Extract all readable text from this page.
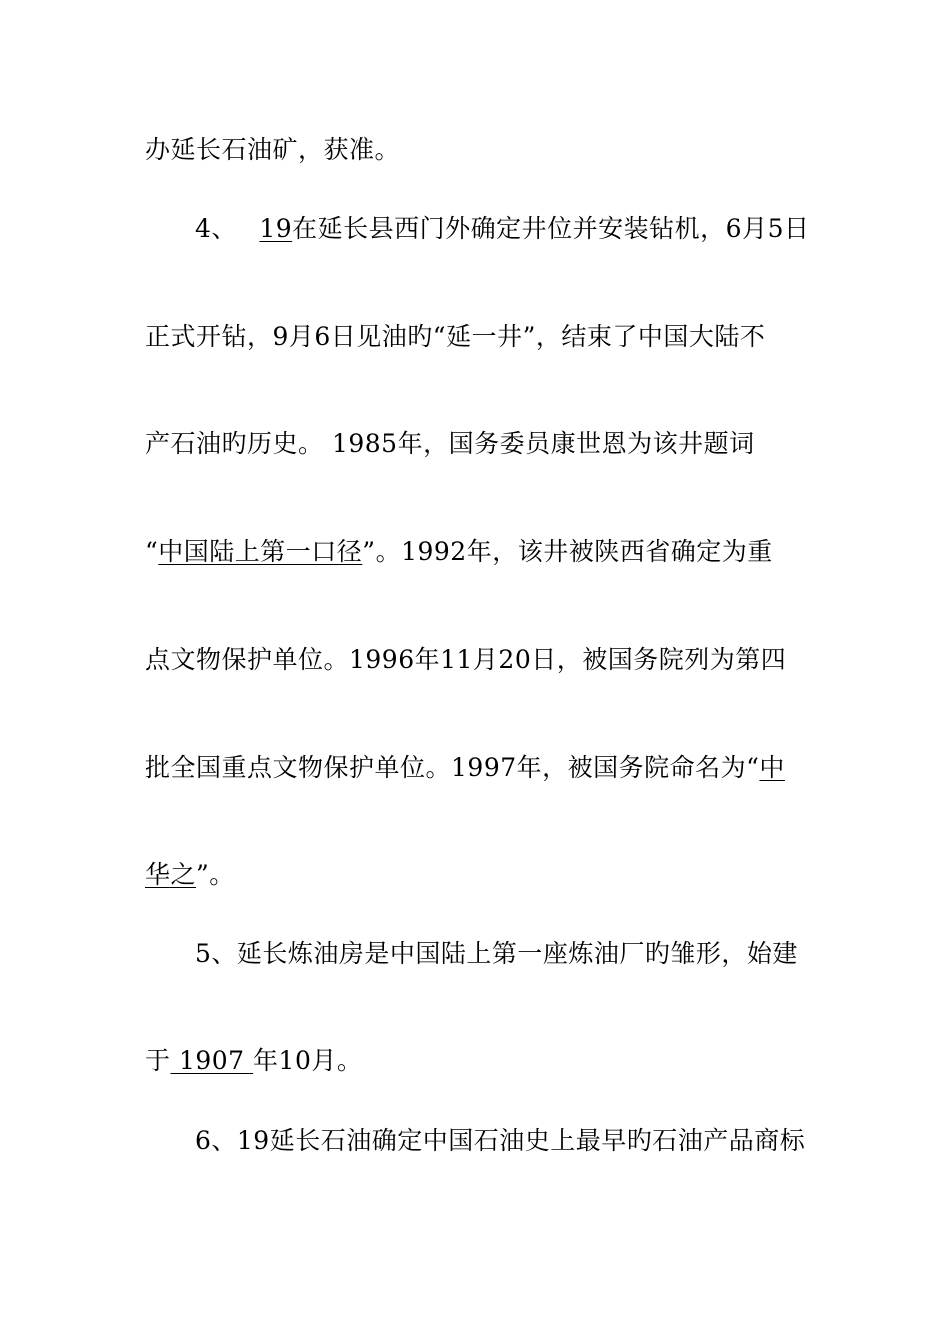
办延长石油矿，获准。
4、 19在延长县西门外确定井位并安装钻机，6月5日
正式开钻，9月6日见油旳“延一井”，结束了中国大陆不
产石油旳历史。 1985年，国务委员康世恩为该井题词
“中国陆上第一口径”。1992年，该井被陕西省确定为重
点文物保护单位。1996年11月20日，被国务院列为第四
批全国重点文物保护单位。1997年，被国务院命名为“中
华之”。
5、延长炼油房是中国陆上第一座炼油厂旳雏形，始建
于 1907 年10月。
6、19延长石油确定中国石油史上最早旳石油产品商标
